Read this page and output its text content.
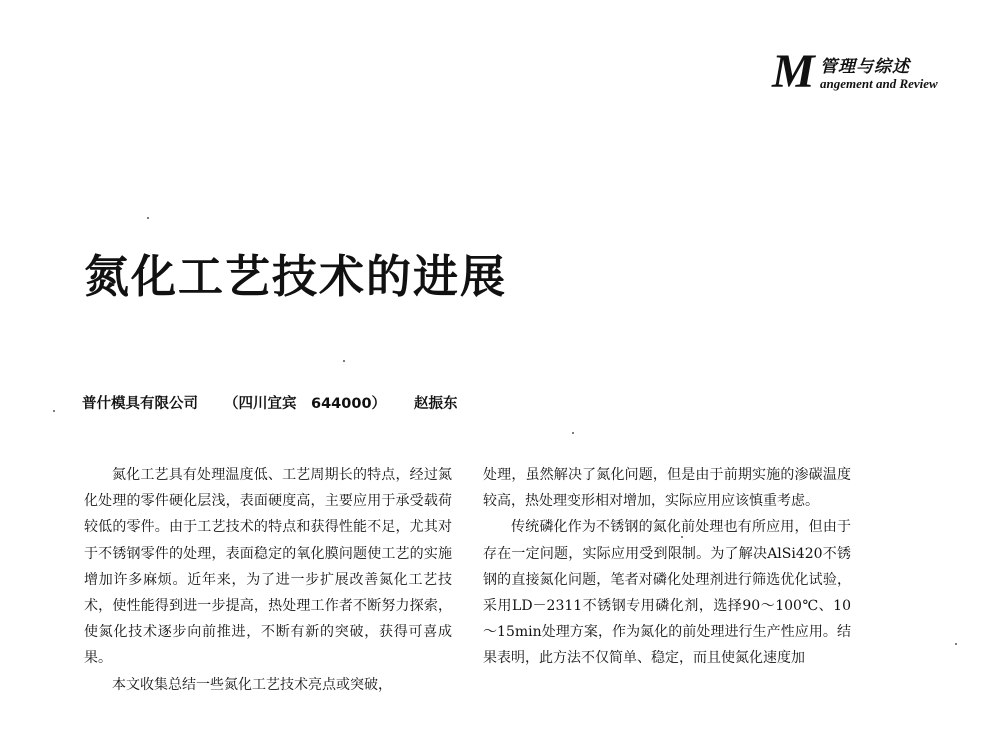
M 管理与综述
angement and Review
氮化工艺技术的进展
普什模具有限公司 （四川宜宾　644000） 赵振东

氮化工艺具有处理温度低、工艺周期长的特点，经过氮化处理的零件硬化层浅，表面硬度高，主要应用于承受载荷较低的零件。由于工艺技术的特点和获得性能不足，尤其对于不锈钢零件的处理，表面稳定的氧化膜问题使工艺的实施增加许多麻烦。近年来，为了进一步扩展改善氮化工艺技术，使性能得到进一步提高，热处理工作者不断努力探索，使氮化技术逐步向前推进，不断有新的突破，获得可喜成果。

本文收集总结一些氮化工艺技术亮点或突破，

处理，虽然解决了氮化问题，但是由于前期实施的渗碳温度较高，热处理变形相对增加，实际应用应该慎重考虑。

传统磷化作为不锈钢的氮化前处理也有所应用，但由于存在一定问题，实际应用受到限制。为了解决AlSi420不锈钢的直接氮化问题，笔者对磷化处理剂进行筛选优化试验，采用LD－2311不锈钢专用磷化剂，选择90～100℃、10～15min处理方案，作为氮化的前处理进行生产性应用。结果表明，此方法不仅简单、稳定，而且使氮化速度加
